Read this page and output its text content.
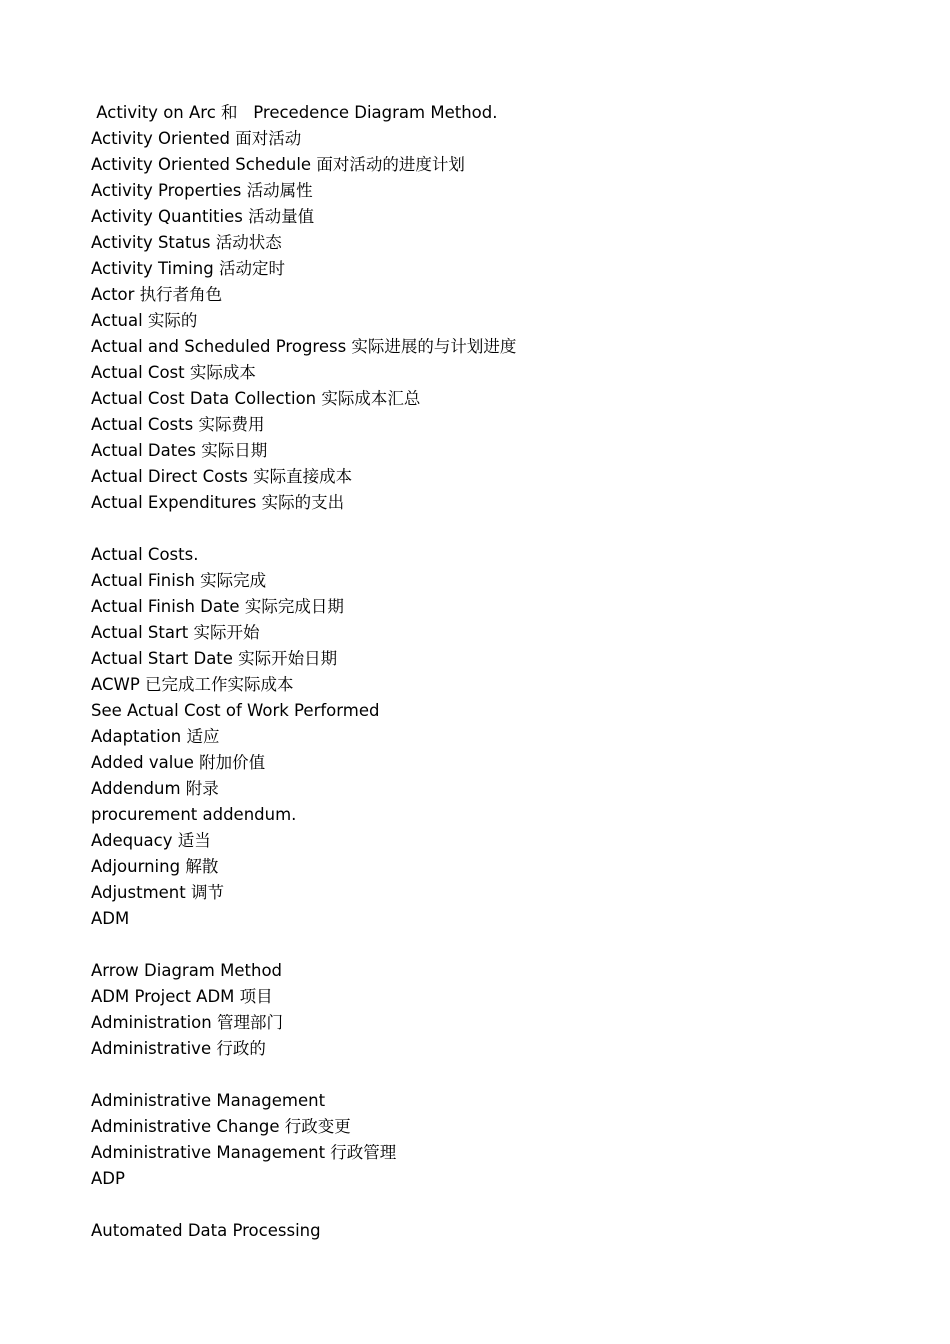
Activity on Arc 和   Precedence Diagram Method.
Activity Oriented 面对活动
Activity Oriented Schedule 面对活动的进度计划
Activity Properties 活动属性
Activity Quantities 活动量值
Activity Status 活动状态
Activity Timing 活动定时
Actor 执行者角色
Actual 实际的
Actual and Scheduled Progress 实际进展的与计划进度
Actual Cost 实际成本
Actual Cost Data Collection 实际成本汇总
Actual Costs 实际费用
Actual Dates 实际日期
Actual Direct Costs 实际直接成本
Actual Expenditures 实际的支出
Actual Costs.
Actual Finish 实际完成
Actual Finish Date 实际完成日期
Actual Start 实际开始
Actual Start Date 实际开始日期
ACWP 已完成工作实际成本
See Actual Cost of Work Performed
Adaptation 适应
Added value 附加价值
Addendum 附录
procurement addendum.
Adequacy 适当
Adjourning 解散
Adjustment 调节
ADM
Arrow Diagram Method
ADM Project ADM 项目
Administration 管理部门
Administrative 行政的
Administrative Management
Administrative Change 行政变更
Administrative Management 行政管理
ADP
Automated Data Processing
